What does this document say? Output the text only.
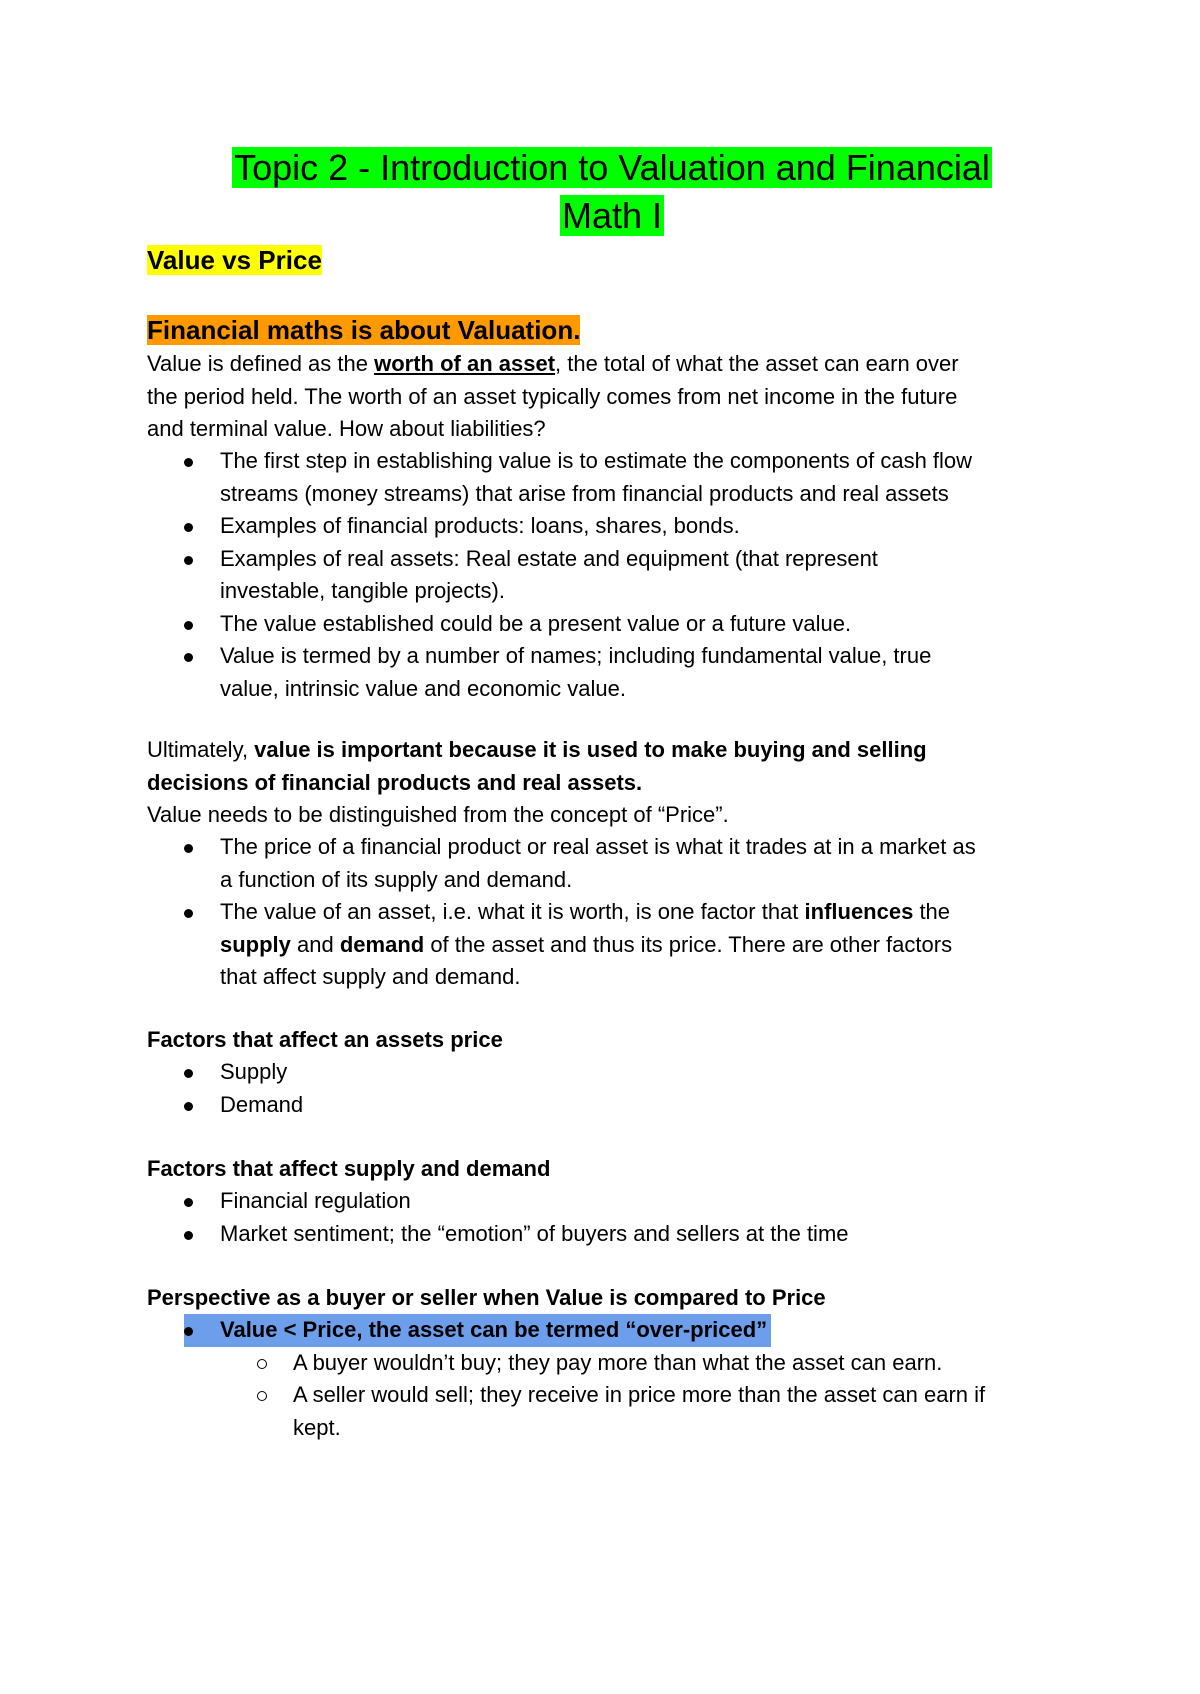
Topic 2 - Introduction to Valuation and Financial
Math I
Value vs Price
Financial maths is about Valuation.
Value is defined as the worth of an asset, the total of what the asset can earn over
the period held. The worth of an asset typically comes from net income in the future
and terminal value. How about liabilities?
The first step in establishing value is to estimate the components of cash flow
streams (money streams) that arise from financial products and real assets
Examples of financial products: loans, shares, bonds.
Examples of real assets: Real estate and equipment (that represent
investable, tangible projects).
The value established could be a present value or a future value.
Value is termed by a number of names; including fundamental value, true
value, intrinsic value and economic value.
Ultimately, value is important because it is used to make buying and selling
decisions of financial products and real assets.
Value needs to be distinguished from the concept of “Price”.
The price of a financial product or real asset is what it trades at in a market as
a function of its supply and demand.
The value of an asset, i.e. what it is worth, is one factor that influences the
supply and demand of the asset and thus its price. There are other factors
that affect supply and demand.
Factors that affect an assets price
Supply
Demand
Factors that affect supply and demand
Financial regulation
Market sentiment; the “emotion” of buyers and sellers at the time
Perspective as a buyer or seller when Value is compared to Price
Value < Price, the asset can be termed “over-priced”
A buyer wouldn’t buy; they pay more than what the asset can earn.
A seller would sell; they receive in price more than the asset can earn if
kept.
